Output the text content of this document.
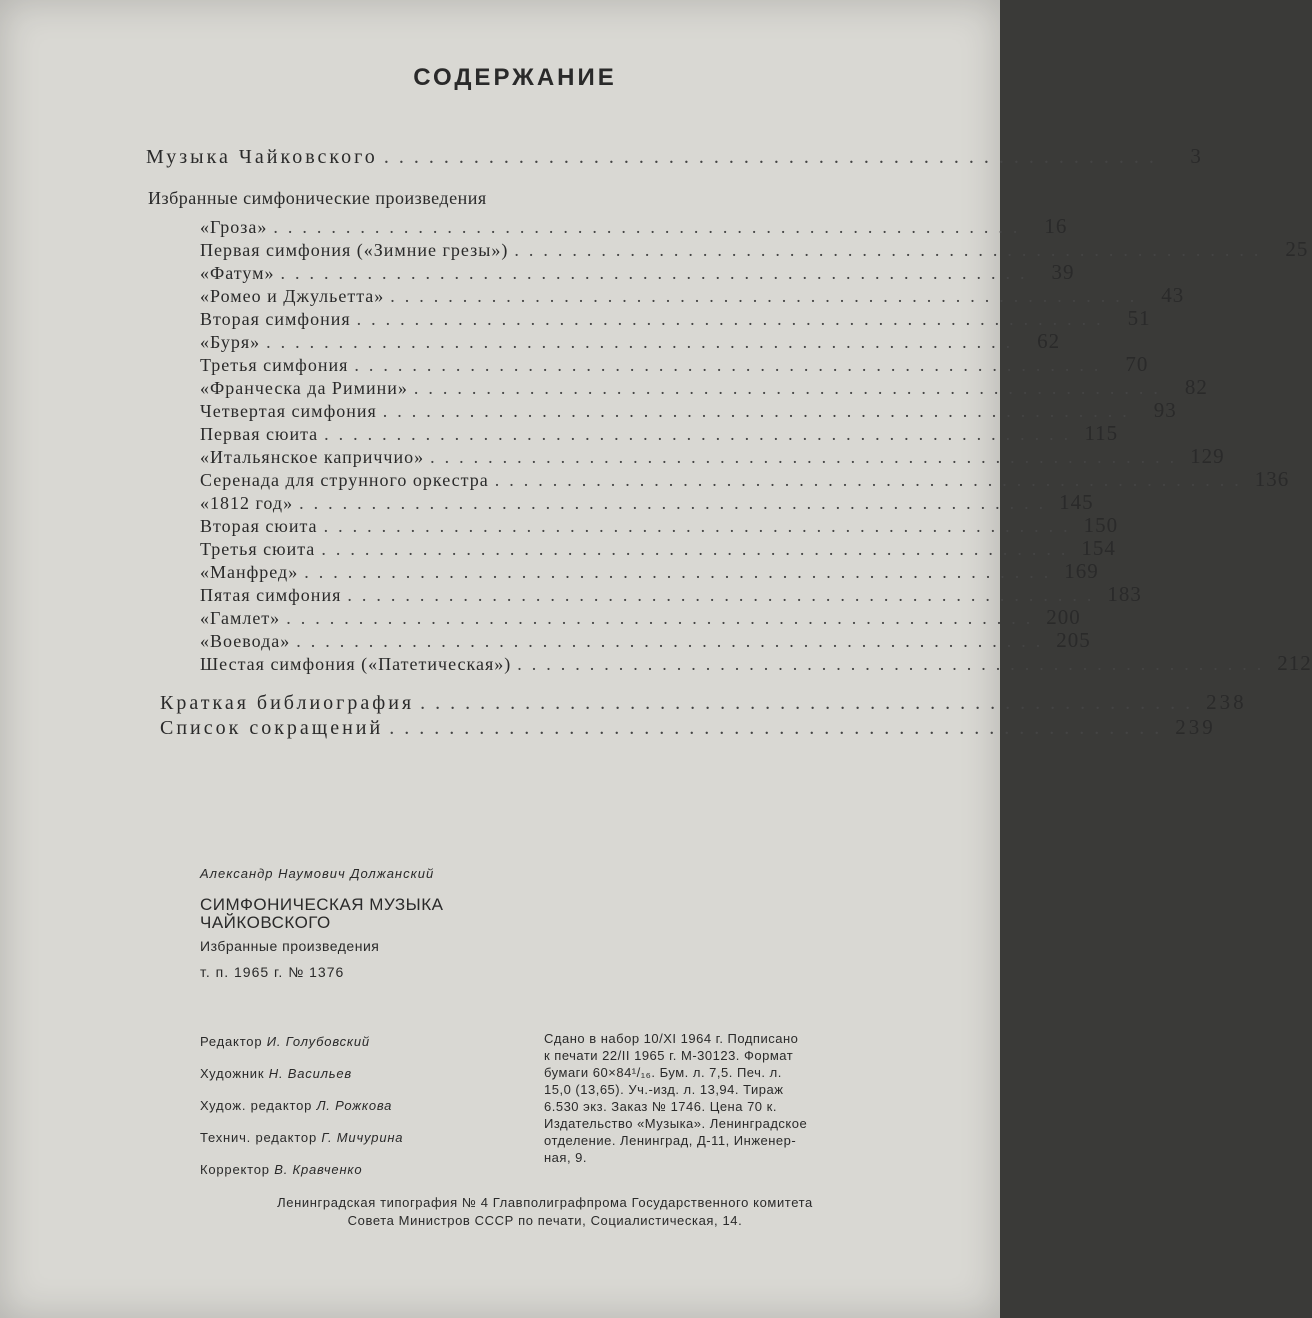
СОДЕРЖАНИЕ
Музыка Чайковского ....................................................	3
Избранные симфонические произведения
«Гроза» .................................................... 16
Первая симфония («Зимние грезы») .................................................... 25
«Фатум» .................................................... 39
«Ромео и Джульетта» .................................................... 43
Вторая симфония .................................................... 51
«Буря» .................................................... 62
Третья симфония .................................................... 70
«Франческа да Римини» .................................................... 82
Четвертая симфония .................................................... 93
Первая сюита .................................................... 115
«Итальянское каприччио» .................................................... 129
Серенада для струнного оркестра .................................................... 136
«1812 год» .................................................... 145
Вторая сюита .................................................... 150
Третья сюита .................................................... 154
«Манфред» .................................................... 169
Пятая симфония .................................................... 183
«Гамлет» .................................................... 200
«Воевода» .................................................... 205
Шестая симфония («Патетическая») .................................................... 212
Краткая библиография .................................................... 238
Список сокращений .................................................... 239
Александр Наумович Должанский
СИМФОНИЧЕСКАЯ МУЗЫКА
ЧАЙКОВСКОГО
Избранные произведения
т. п. 1965 г. № 1376
Редактор И. Голубовский
Художник Н. Васильев
Худож. редактор Л. Рожкова
Технич. редактор Г. Мичурина
Корректор В. Кравченко
Сдано в набор 10/XI 1964 г. Подписано
к печати 22/II 1965 г. М-30123. Формат
бумаги 60×84¹/₁₆. Бум. л. 7,5. Печ. л.
15,0 (13,65). Уч.-изд. л. 13,94. Тираж
6.530 экз. Заказ № 1746. Цена 70 к.
Издательство «Музыка». Ленинградское
отделение. Ленинград, Д-11, Инженер-
ная, 9.
Ленинградская типография № 4 Главполиграфпрома Государственного комитета
Совета Министров СССР по печати, Социалистическая, 14.
